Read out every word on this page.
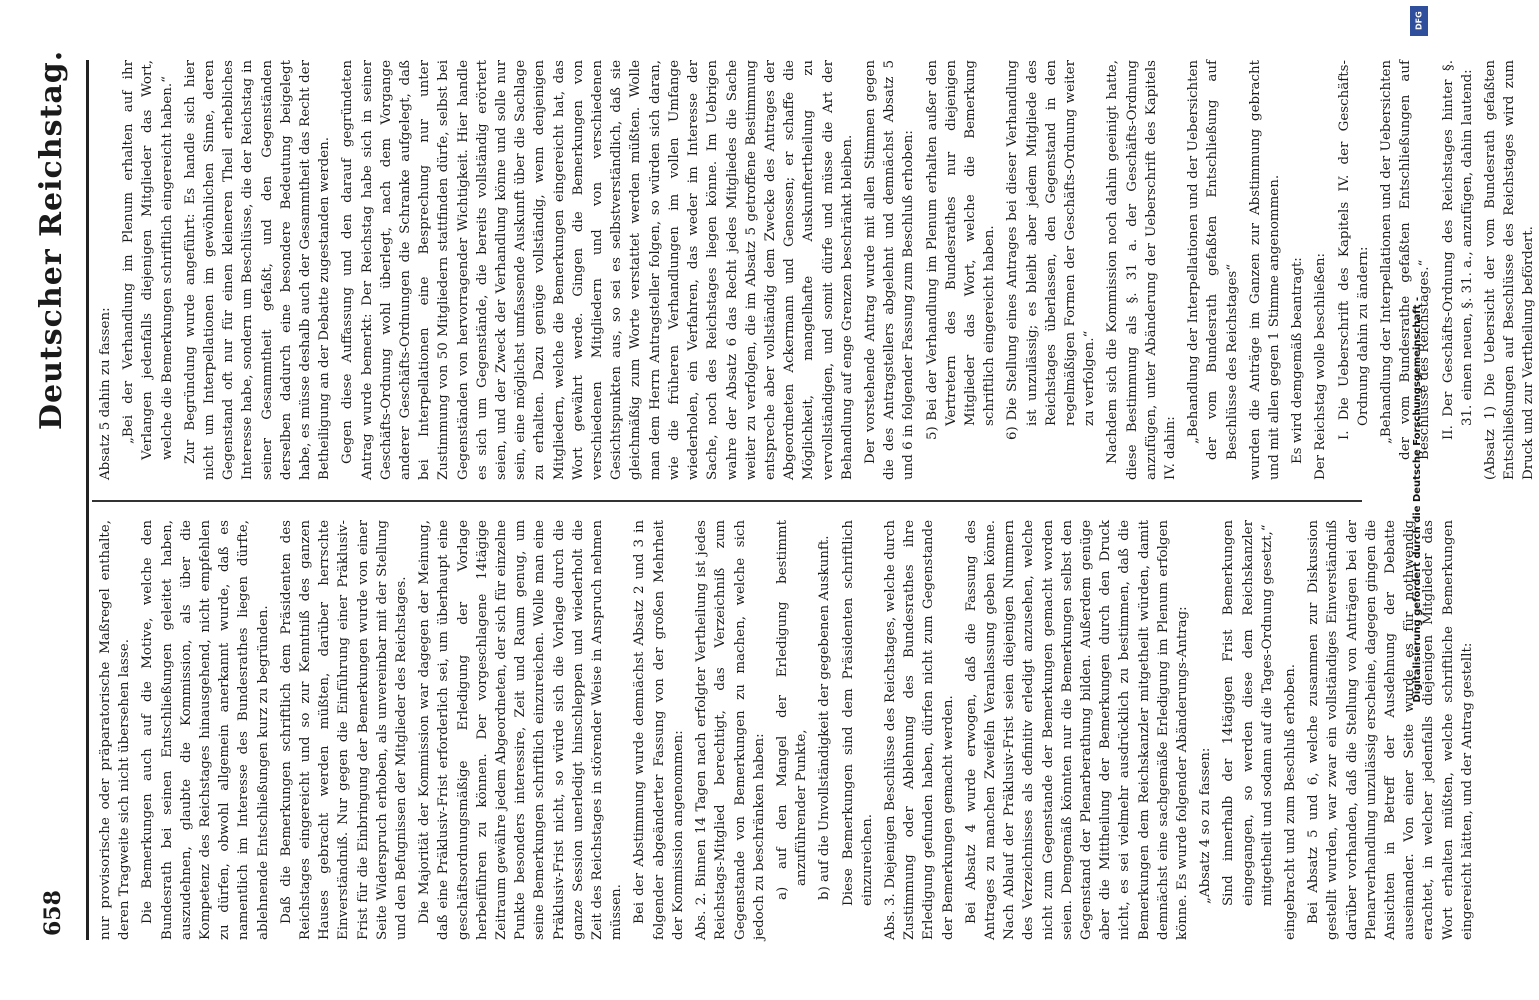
658
Deutscher Reichstag.

nur provisorische oder präparatorische Maßregel enthalte, deren Tragweite sich nicht übersehen lasse. Die Bemerkungen auch auf die Motive, welche den Bundesrath bei seinen Entschließungen geleitet haben, auszudehnen, glaubte die Kommission, als über die Kompetenz des Reichstages hinausgehend, nicht empfehlen zu dürfen, obwohl allgemein anerkannt wurde, daß es namentlich im Interesse des Bundesrathes liegen dürfte, ablehnende Entschließungen kurz zu begründen. Daß die Bemerkungen schriftlich dem Präsidenten des Reichstages eingereicht und so zur Kenntniß des ganzen Hauses gebracht werden müßten, darüber herrschte Einverständniß. Nur gegen die Einführung einer Präklusiv-Frist für die Einbringung der Bemerkungen wurde von einer Seite Widerspruch erhoben, als unvereinbar mit der Stellung und den Befugnissen der Mitglieder des Reichstages. Die Majorität der Kommission war dagegen der Meinung, daß eine Präklusiv-Frist erforderlich sei, um überhaupt eine geschäftsordnungsmäßige Erledigung der Vorlage herbeiführen zu können. Der vorgeschlagene 14tägige Zeitraum gewähre jedem Abgeordneten, der sich für einzelne Punkte besonders interessire, Zeit und Raum genug, um seine Bemerkungen schriftlich einzureichen. Wolle man eine Präklusiv-Frist nicht, so würde sich die Vorlage durch die ganze Session unerledigt hinschleppen und wiederholt die Zeit des Reichstages in störender Weise in Anspruch nehmen müssen. Bei der Abstimmung wurde demnächst Absatz 2 und 3 in folgender abgeänderter Fassung von der großen Mehrheit der Kommission angenommen: Abs. 2. Binnen 14 Tagen nach erfolgter Vertheilung ist jedes Reichstags-Mitglied berechtigt, das Verzeichniß zum Gegenstande von Bemerkungen zu machen, welche sich jedoch zu beschränken haben: a) auf den Mangel der Erledigung bestimmt anzuführender Punkte, b) auf die Unvollständigkeit der gegebenen Auskunft. Diese Bemerkungen sind dem Präsidenten schriftlich einzureichen. Abs. 3. Diejenigen Beschlüsse des Reichstages, welche durch Zustimmung oder Ablehnung des Bundesrathes ihre Erledigung gefunden haben, dürfen nicht zum Gegenstande der Bemerkungen gemacht werden. Bei Absatz 4 wurde erwogen, daß die Fassung des Antrages zu manchen Zweifeln Veranlassung geben könne. Nach Ablauf der Präklusiv-Frist seien diejenigen Nummern des Verzeichnisses als definitiv erledigt anzusehen, welche nicht zum Gegenstande der Bemerkungen gemacht worden seien. Demgemäß könnten nur die Bemerkungen selbst den Gegenstand der Plenarberathung bilden. Außerdem genüge aber die Mittheilung der Bemerkungen durch den Druck nicht, es sei vielmehr ausdrücklich zu bestimmen, daß die Bemerkungen dem Reichskanzler mitgetheilt würden, damit demnächst eine sachgemäße Erledigung im Plenum erfolgen könne. Es wurde folgender Abänderungs-Antrag: „Absatz 4 so zu fassen: Sind innerhalb der 14tägigen Frist Bemerkungen eingegangen, so werden diese dem Reichskanzler mitgetheilt und sodann auf die Tages-Ordnung gesetzt,“ eingebracht und zum Beschluß erhoben. Bei Absatz 5 und 6, welche zusammen zur Diskussion gestellt wurden, war zwar ein vollständiges Einverständniß darüber vorhanden, daß die Stellung von Anträgen bei der Plenarverhandlung unzulässig erscheine, dagegen gingen die Ansichten in Betreff der Ausdehnung der Debatte auseinander. Von einer Seite wurde es für nothwendig erachtet, in welcher jedenfalls diejenigen Mitglieder das Wort erhalten müßten, welche schriftliche Bemerkungen eingereicht hätten, und der Antrag gestellt:

Absatz 5 dahin zu fassen: „Bei der Verhandlung im Plenum erhalten auf ihr Verlangen jedenfalls diejenigen Mitglieder das Wort, welche die Bemerkungen schriftlich eingereicht haben.“ Zur Begründung wurde angeführt: Es handle sich hier nicht um Interpellationen im gewöhnlichen Sinne, deren Gegenstand oft nur für einen kleineren Theil erhebliches Interesse habe, sondern um Beschlüsse, die der Reichstag in seiner Gesammtheit gefaßt, und den Gegenständen derselben dadurch eine besondere Bedeutung beigelegt habe, es müsse deshalb auch der Gesammtheit das Recht der Betheiligung an der Debatte zugestanden werden. Gegen diese Auffassung und den darauf gegründeten Antrag wurde bemerkt: Der Reichstag habe sich in seiner Geschäfts-Ordnung wohl überlegt, nach dem Vorgange anderer Geschäfts-Ordnungen die Schranke aufgelegt, daß bei Interpellationen eine Besprechung nur unter Zustimmung von 50 Mitgliedern stattfinden dürfe, selbst bei Gegenständen von hervorragender Wichtigkeit. Hier handle es sich um Gegenstände, die bereits vollständig erörtert seien, und der Zweck der Verhandlung könne und solle nur sein, eine möglichst umfassende Auskunft über die Sachlage zu erhalten. Dazu genüge vollständig, wenn denjenigen Mitgliedern, welche die Bemerkungen eingereicht hat, das Wort gewährt werde. Gingen die Bemerkungen von verschiedenen Mitgliedern und von verschiedenen Gesichtspunkten aus, so sei es selbstverständlich, daß sie gleichmäßig zum Worte verstattet werden müßten. Wolle man dem Herrn Antragsteller folgen, so würden sich daran, wie die früheren Verhandlungen im vollen Umfange wiederholen, ein Verfahren, das weder im Interesse der Sache, noch des Reichstages liegen könne. Im Uebrigen wahre der Absatz 6 das Recht jedes Mitgliedes die Sache weiter zu verfolgen, die im Absatz 5 getroffene Bestimmung entspreche aber vollständig dem Zwecke des Antrages der Abgeordneten Ackermann und Genossen; er schaffe die Möglichkeit, mangelhafte Auskunftertheilung zu vervollständigen, und somit dürfe und müsse die Art der Behandlung auf enge Grenzen beschränkt bleiben. Der vorstehende Antrag wurde mit allen Stimmen gegen die des Antragstellers abgelehnt und demnächst Absatz 5 und 6 in folgender Fassung zum Beschluß erhoben: 5) Bei der Verhandlung im Plenum erhalten außer den Vertretern des Bundesrathes nur diejenigen Mitglieder das Wort, welche die Bemerkung schriftlich eingereicht haben. 6) Die Stellung eines Antrages bei dieser Verhandlung ist unzulässig; es bleibt aber jedem Mitgliede des Reichstages überlassen, den Gegenstand in den regelmäßigen Formen der Geschäfts-Ordnung weiter zu verfolgen.“ Nachdem sich die Kommission noch dahin geeinigt hatte, diese Bestimmung als §. 31 a. der Geschäfts-Ordnung anzufügen, unter Abänderung der Ueberschrift des Kapitels IV. dahin:

„Behandlung der Interpellationen und der Uebersichten der vom Bundesrath gefaßten Entschließung auf Beschlüsse des Reichstages“ wurden die Anträge im Ganzen zur Abstimmung gebracht und mit allen gegen 1 Stimme angenommen. Es wird demgemäß beantragt: Der Reichstag wolle beschließen: I. Die Ueberschrift des Kapitels IV. der Geschäfts-Ordnung dahin zu ändern: „Behandlung der Interpellationen und der Uebersichten der vom Bundesrathe gefaßten Entschließungen auf Beschlüsse des Reichstages.“ II. Der Geschäfts-Ordnung des Reichstages hinter §. 31. einen neuen, §. 31. a., anzufügen, dahin lautend: (Absatz 1) Die Uebersicht der vom Bundesrath gefaßten Entschließungen auf Beschlüsse des Reichstages wird zum Druck und zur Vertheilung befördert.

Digitalisierung gefördert durch die Deutsche Forschungsgemeinschaft -
DFG
